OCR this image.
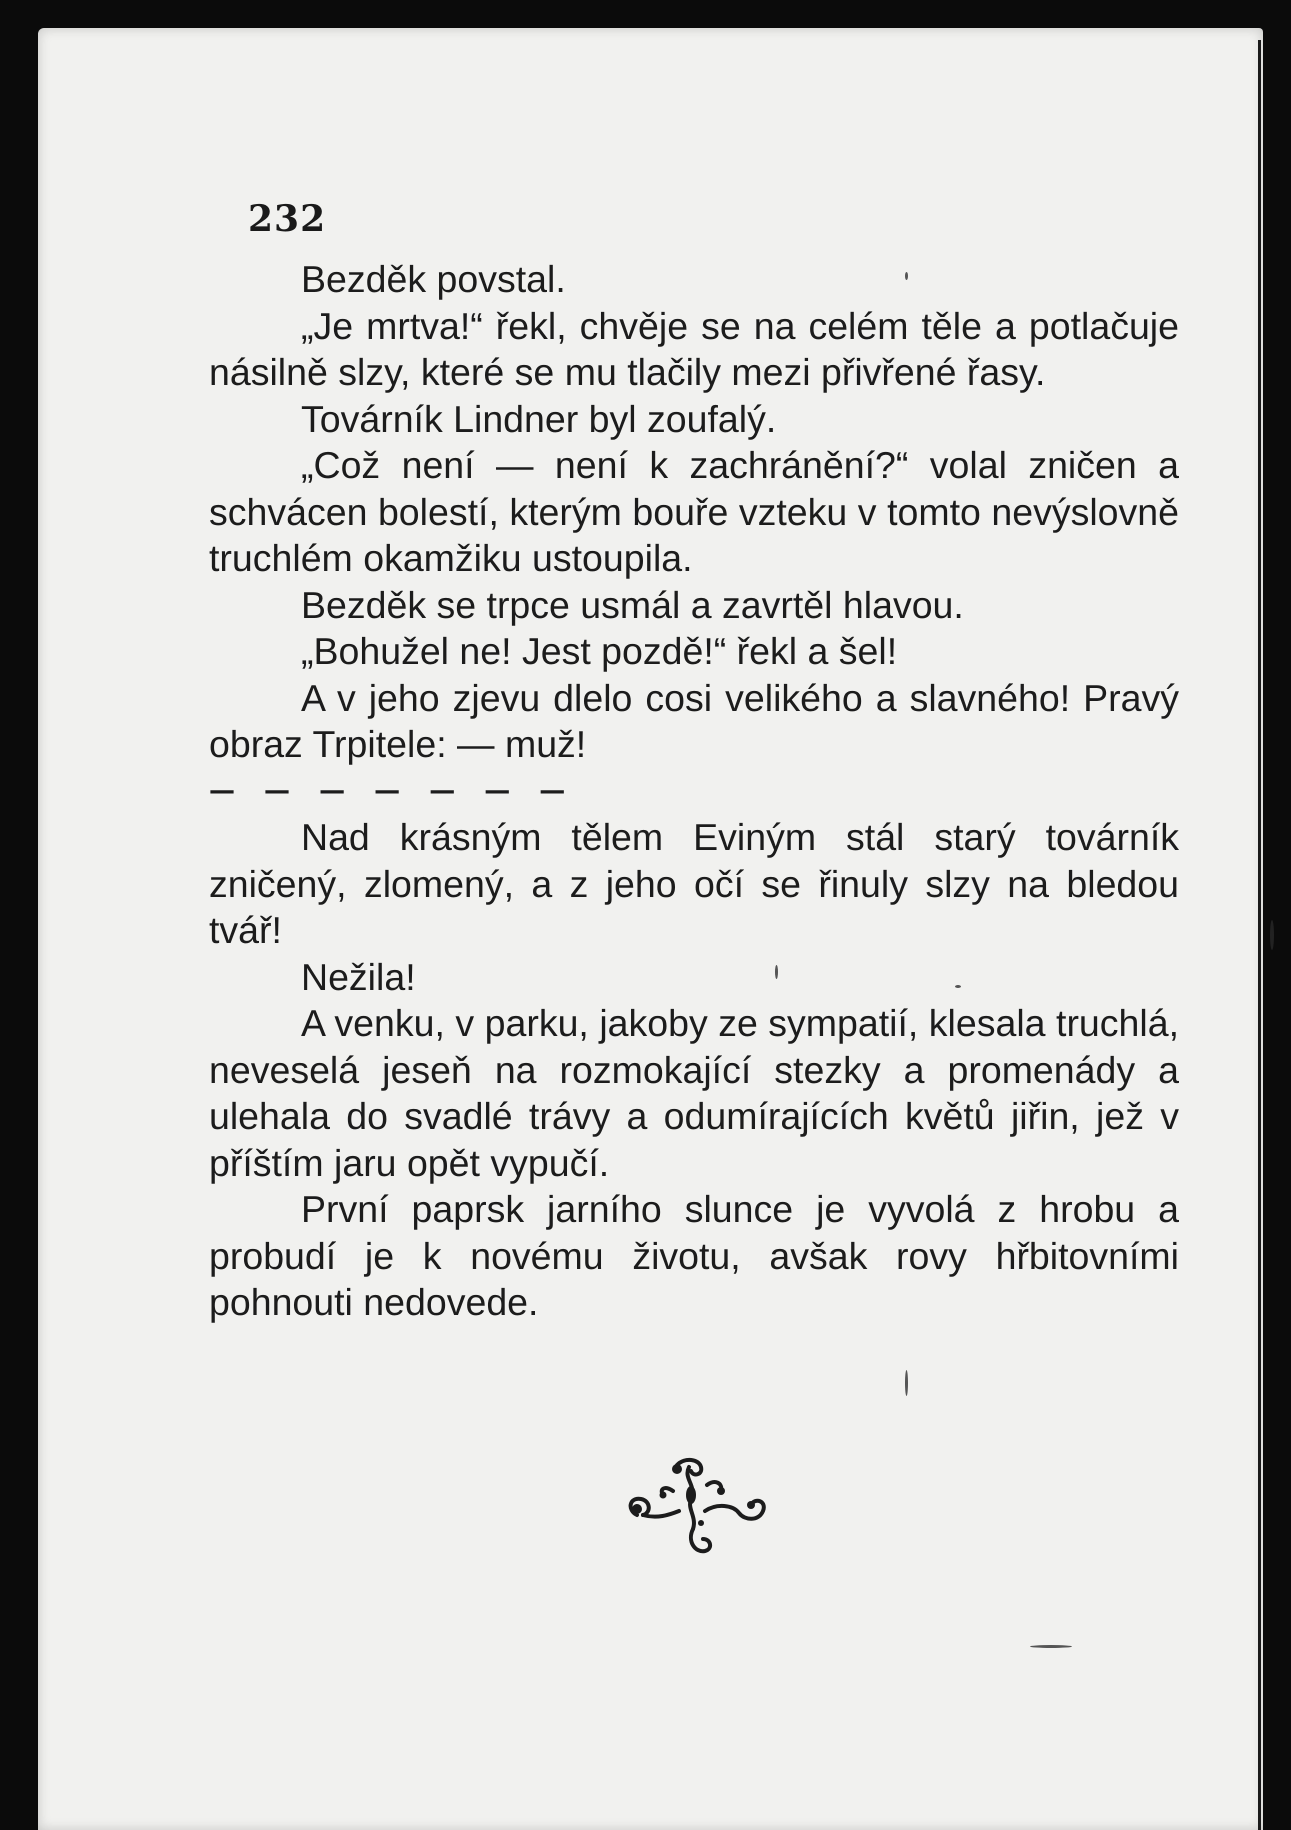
232

Bezděk povstal.

„Je mrtva!“ řekl, chvěje se na celém těle a potlačuje násilně slzy, které se mu tlačily mezi přivřené řasy.

Továrník Lindner byl zoufalý.

„Což není — není k zachránění?“ volal zničen a schvácen bolestí, kterým bouře vzteku v tomto nevýslovně truchlém okamžiku ustoupila.

Bezděk se trpce usmál a zavrtěl hlavou.

„Bohužel ne! Jest pozdě!“ řekl a šel!

A v jeho zjevu dlelo cosi velikého a slavného! Pravý obraz Trpitele: — muž!

— — — — — — —

Nad krásným tělem Eviným stál starý továrník zničený, zlomený, a z jeho očí se řinuly slzy na bledou tvář!

Nežila!

A venku, v parku, jakoby ze sympatií, klesala truchlá, neveselá jeseň na rozmokající stezky a promenády a ulehala do svadlé trávy a odumírajících květů jiřin, jež v příštím jaru opět vypučí.

První paprsk jarního slunce je vyvolá z hrobu a probudí je k novému životu, avšak rovy hřbitovními pohnouti nedovede.
